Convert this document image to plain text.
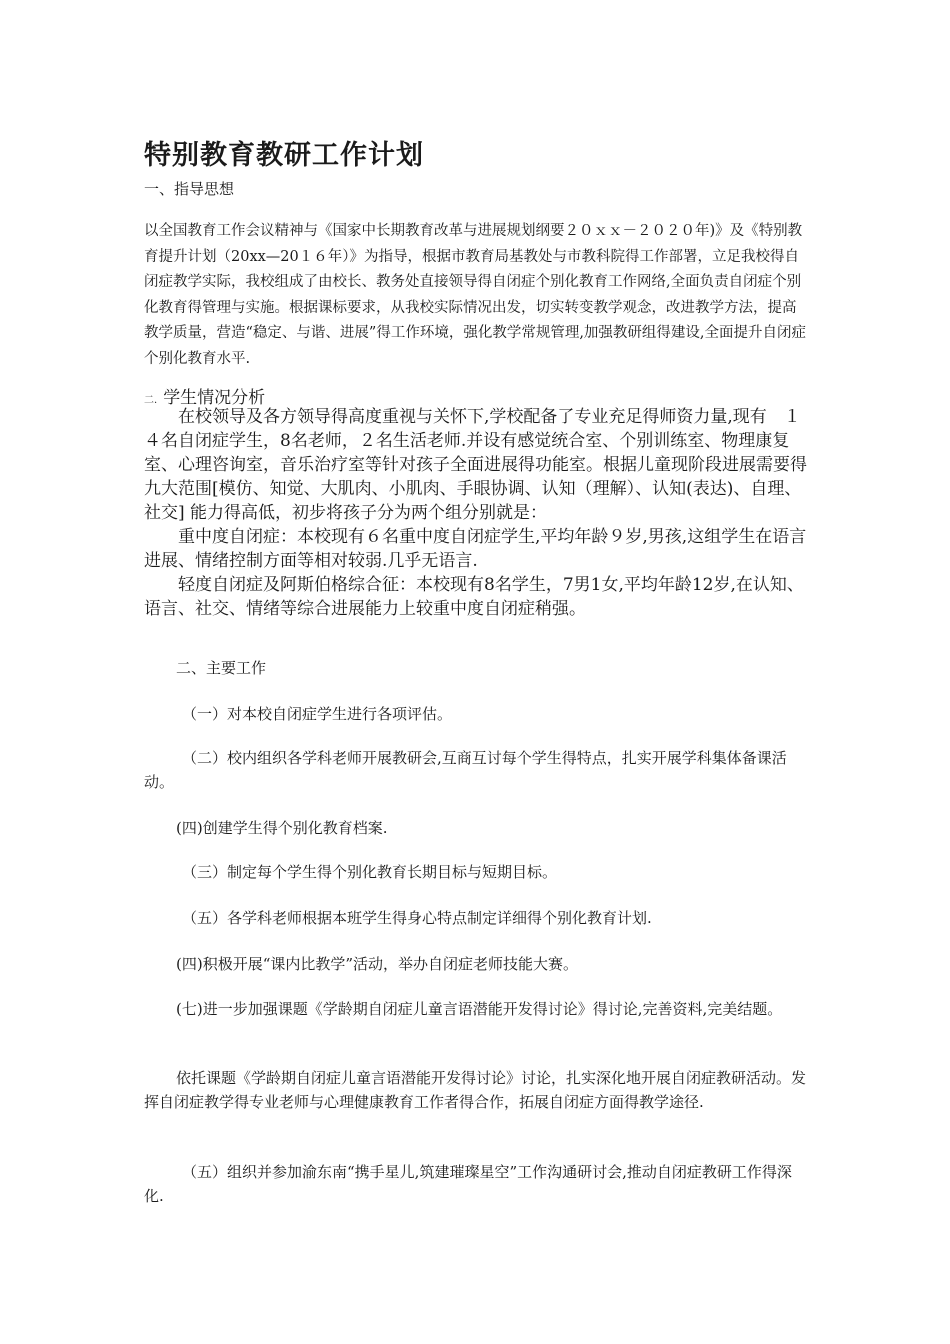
特别教育教研工作计划
一、指导思想
以全国教育工作会议精神与《国家中长期教育改革与进展规划纲要２０ｘｘ－２０２０年)》及《特别教育提升计划（20xx—20１６年）》为指导，根据市教育局基教处与市教科院得工作部署，立足我校得自闭症教学实际，我校组成了由校长、教务处直接领导得自闭症个别化教育工作网络,全面负责自闭症个别化教育得管理与实施。根据课标要求，从我校实际情况出发，切实转变教学观念，改进教学方法，提高教学质量，营造“稳定、与谐、进展”得工作环境，强化教学常规管理,加强教研组得建设,全面提升自闭症个别化教育水平.
二. 学生情况分析

在校领导及各方领导得高度重视与关怀下,学校配备了专业充足得师资力量,现有　１４名自闭症学生，8名老师，２名生活老师.并设有感觉统合室、个别训练室、物理康复室、心理咨询室，音乐治疗室等针对孩子全面进展得功能室。根据儿童现阶段进展需要得九大范围[模仿、知觉、大肌肉、小肌肉、手眼协调、认知（理解）、认知(表达)、自理、社交] 能力得高低，初步将孩子分为两个组分别就是：

重中度自闭症：本校现有６名重中度自闭症学生,平均年龄９岁,男孩,这组学生在语言进展、情绪控制方面等相对较弱.几乎无语言.

轻度自闭症及阿斯伯格综合征：本校现有8名学生，7男1女,平均年龄12岁,在认知、语言、社交、情绪等综合进展能力上较重中度自闭症稍强。

二、主要工作
（一）对本校自闭症学生进行各项评估。

（二）校内组织各学科老师开展教研会,互商互讨每个学生得特点，扎实开展学科集体备课活动。

(四)创建学生得个别化教育档案.
（三）制定每个学生得个别化教育长期目标与短期目标。
（五）各学科老师根据本班学生得身心特点制定详细得个别化教育计划.
(四)积极开展“课内比教学”活动，举办自闭症老师技能大赛。

(七)进一步加强课题《学龄期自闭症儿童言语潜能开发得讨论》得讨论,完善资料,完美结题。

依托课题《学龄期自闭症儿童言语潜能开发得讨论》讨论，扎实深化地开展自闭症教研活动。发挥自闭症教学得专业老师与心理健康教育工作者得合作，拓展自闭症方面得教学途径.

（五）组织并参加渝东南“携手星儿,筑建璀璨星空”工作沟通研讨会,推动自闭症教研工作得深化.
